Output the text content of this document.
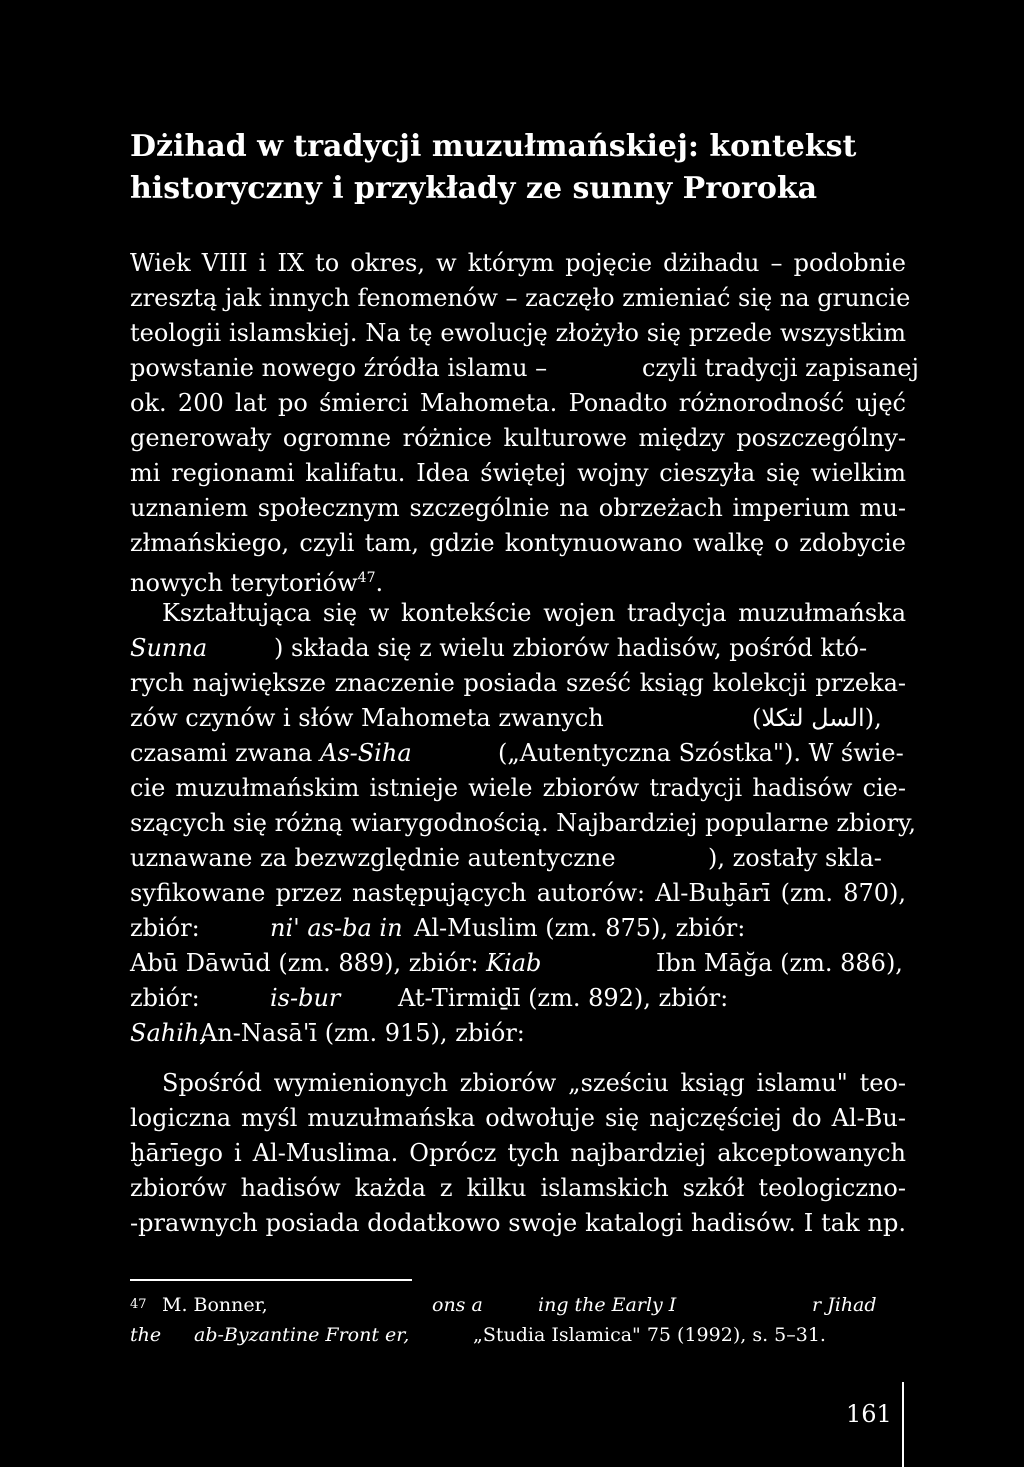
Dżihad w tradycji muzułmańskiej: kontekst
historyczny i przykłady ze sunny Proroka
Wiek VIII i IX to okres, w którym pojęcie dżihadu – podobnie
zresztą jak innych fenomenów – zaczęło zmieniać się na gruncie
teologii islamskiej. Na tę ewolucję złożyło się przede wszystkim
powstanie nowego źródła islamu –	czyli tradycji zapisanej
ok. 200 lat po śmierci Mahometa. Ponadto różnorodność ujęć
generowały ogromne różnice kulturowe między poszczególny-
mi regionami kalifatu. Idea świętej wojny cieszyła się wielkim
uznaniem społecznym szczególnie na obrzeżach imperium mu-
złmańskiego, czyli tam, gdzie kontynuowano walkę o zdobycie
nowych terytoriów$^{47}$.
Kształtująca się w kontekście wojen tradycja muzułmańska
Sunna	) składa się z wielu zbiorów hadisów, pośród któ-
rych największe znaczenie posiada sześć ksiąg kolekcji przeka-
zów czynów i słów Mahometa zwanych	(السل لتكلا),
czasami zwana As-Siha	(„Autentyczna Szóstka"). W świe-
cie muzułmańskim istnieje wiele zbiorów tradycji hadisów cie-
szących się różną wiarygodnością. Najbardziej popularne zbiory,
uznawane za bezwzględnie autentyczne	), zostały skla-
syfikowane przez następujących autorów: Al-Buḫārī (zm. 870),
zbiór:	ni' as-ba in Al-Muslim (zm. 875), zbiór:
Abū Dāwūd (zm. 889), zbiór: Kiab	Ibn Māğa (zm. 886),
zbiór:	is-bur At-Tirmiḏī (zm. 892), zbiór:
Sahih,
An-Nasā'ī (zm. 915), zbiór:
Spośród wymienionych zbiorów „sześciu ksiąg islamu" teo-
logiczna myśl muzułmańska odwołuje się najczęściej do Al-Bu-
ḫārīego i Al-Muslima. Oprócz tych najbardziej akceptowanych
zbiorów hadisów każda z kilku islamskich szkół teologiczno-
-prawnych posiada dodatkowo swoje katalogi hadisów. I tak np.
$^{47}$ M. Bonner,	ons a	ing the Early I	r Jihad
the ab-Byzantine Front er,	„Studia Islamica" 75 (1992), s. 5–31.
161
